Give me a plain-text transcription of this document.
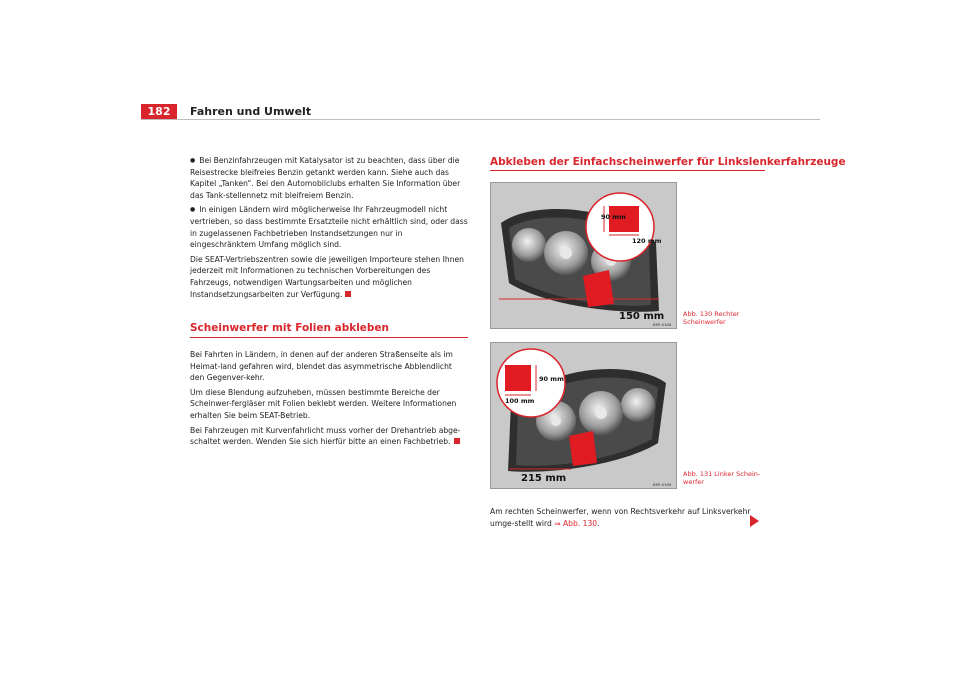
182	Fahren und Umwelt

● Bei Benzinfahrzeugen mit Katalysator ist zu beachten, dass über die Reisestrecke bleifreies Benzin getankt werden kann. Siehe auch das Kapitel „Tanken“. Bei den Automobilclubs erhalten Sie Information über das Tank-stellennetz mit bleifreiem Benzin.

● In einigen Ländern wird möglicherweise Ihr Fahrzeugmodell nicht vertrieben, so dass bestimmte Ersatzteile nicht erhältlich sind, oder dass in zugelassenen Fachbetrieben Instandsetzungen nur in eingeschränktem Umfang möglich sind.

Die SEAT-Vertriebszentren sowie die jeweiligen Importeure stehen Ihnen jederzeit mit Informationen zu technischen Vorbereitungen des Fahrzeugs, notwendigen Wartungsarbeiten und möglichen Instandsetzungsarbeiten zur Verfügung.

Scheinwerfer mit Folien abkleben

Bei Fahrten in Ländern, in denen auf der anderen Straßenseite als im Heimat-land gefahren wird, blendet das asymmetrische Abblendlicht den Gegenver-kehr.

Um diese Blendung aufzuheben, müssen bestimmte Bereiche der Scheinwer-fergläser mit Folien beklebt werden. Weitere Informationen erhalten Sie beim SEAT-Betrieb.

Bei Fahrzeugen mit Kurvenfahrlicht muss vorher der Drehantrieb abge-schaltet werden. Wenden Sie sich hierfür bitte an einen Fachbetrieb.

Abkleben der Einfachscheinwerfer für Linkslenkerfahrzeuge
90 mm
120 mm
150 mm
B5P-0168
Abb. 130 Rechter Scheinwerfer
90 mm
100 mm
215 mm
B5P-0169
Abb. 131 Linker Schein-werfer
Am rechten Scheinwerfer, wenn von Rechtsverkehr auf Linksverkehr umge-stellt wird ⇒ Abb. 130.
